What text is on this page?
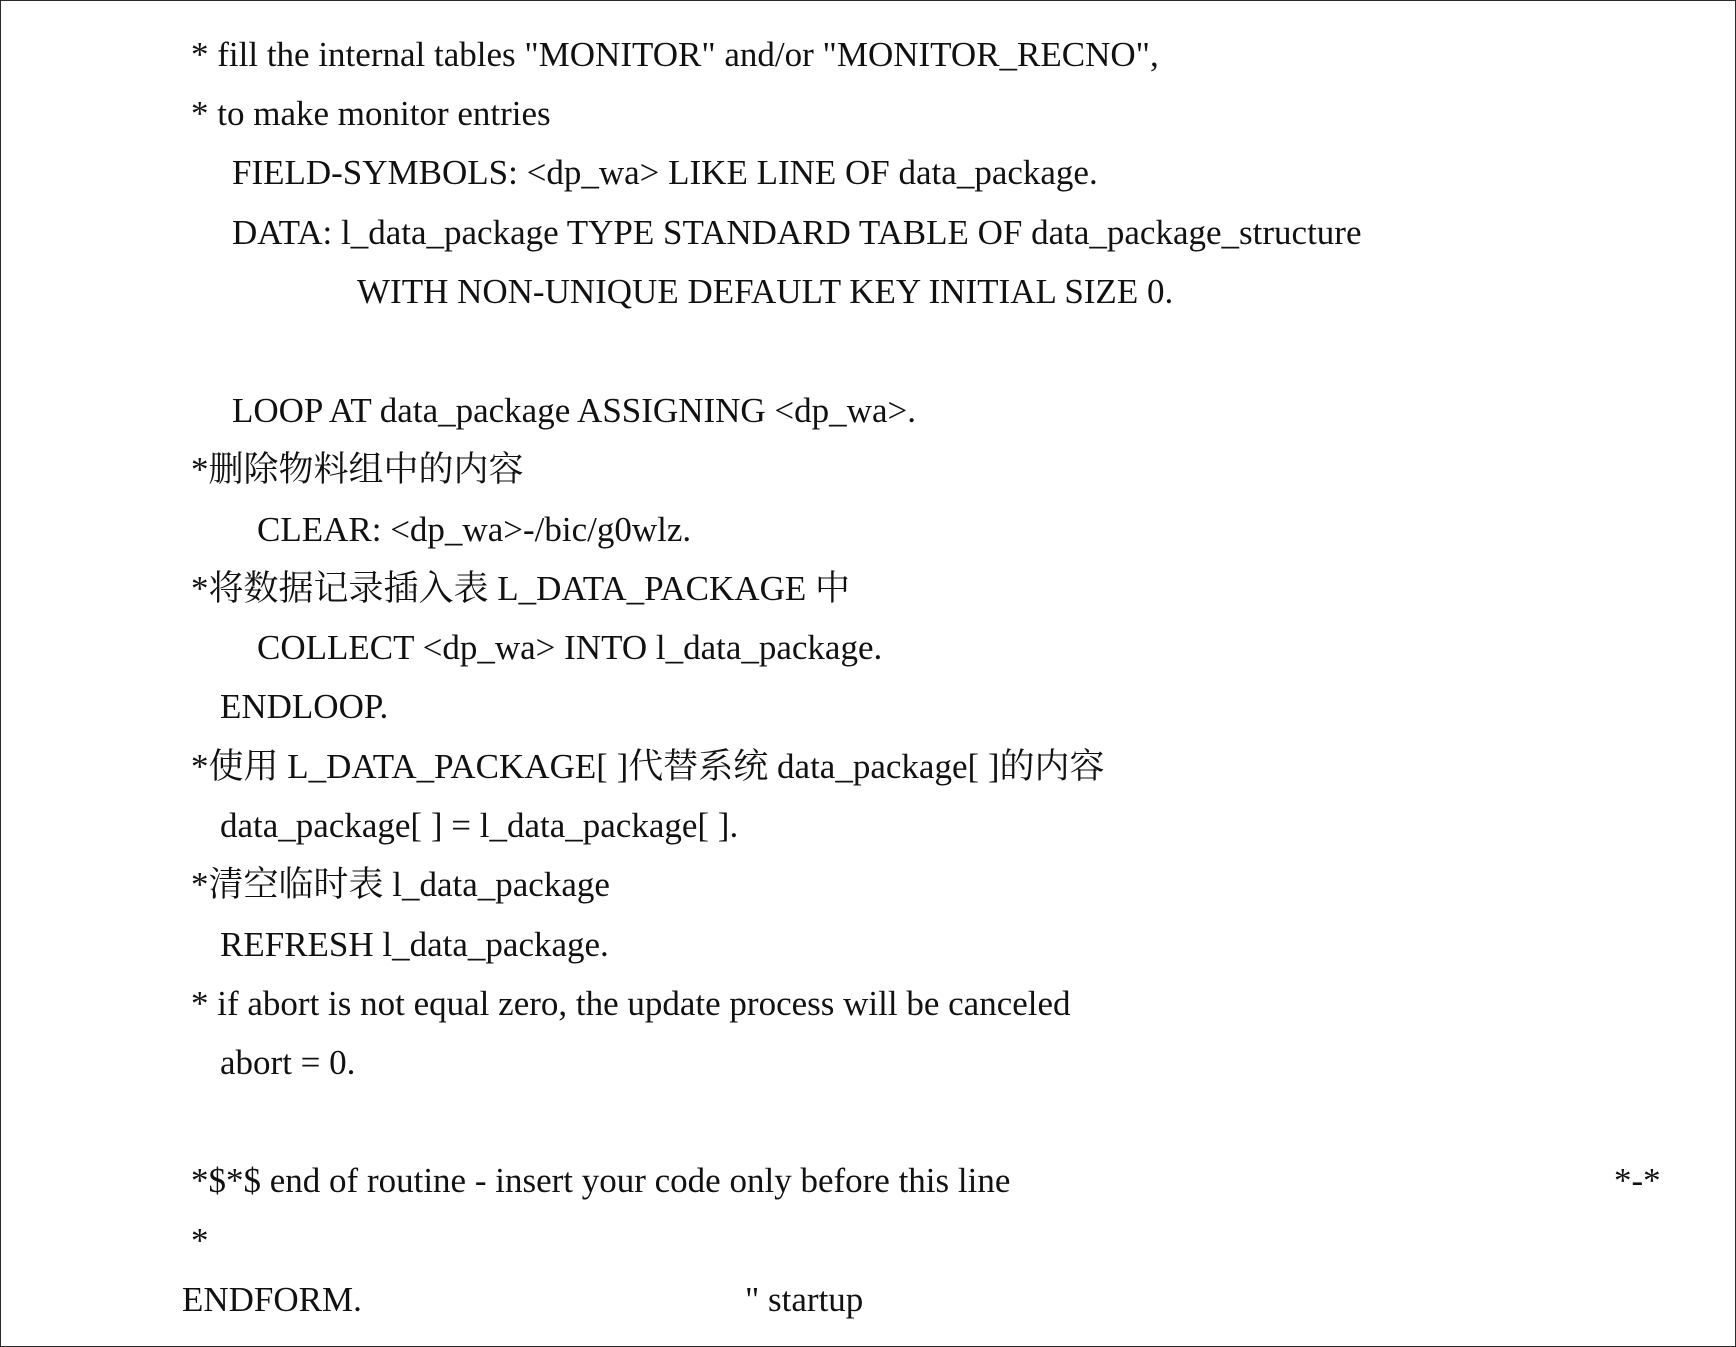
* fill the internal tables "MONITOR" and/or "MONITOR_RECNO",

* to make monitor entries

FIELD-SYMBOLS: <dp_wa> LIKE LINE OF data_package.

DATA: l_data_package TYPE STANDARD TABLE OF data_package_structure

WITH NON-UNIQUE DEFAULT KEY INITIAL SIZE 0.

LOOP AT data_package ASSIGNING <dp_wa>.

*删除物料组中的内容

CLEAR: <dp_wa>-/bic/g0wlz.

*将数据记录插入表 L_DATA_PACKAGE 中

COLLECT <dp_wa> INTO l_data_package.

ENDLOOP.

*使用 L_DATA_PACKAGE[ ]代替系统 data_package[ ]的内容

data_package[ ] = l_data_package[ ].

*清空临时表 l_data_package

REFRESH l_data_package.

* if abort is not equal zero, the update process will be canceled

abort = 0.

*$*$ end of routine - insert your code only before this line	*-*

*

ENDFORM.	" startup
